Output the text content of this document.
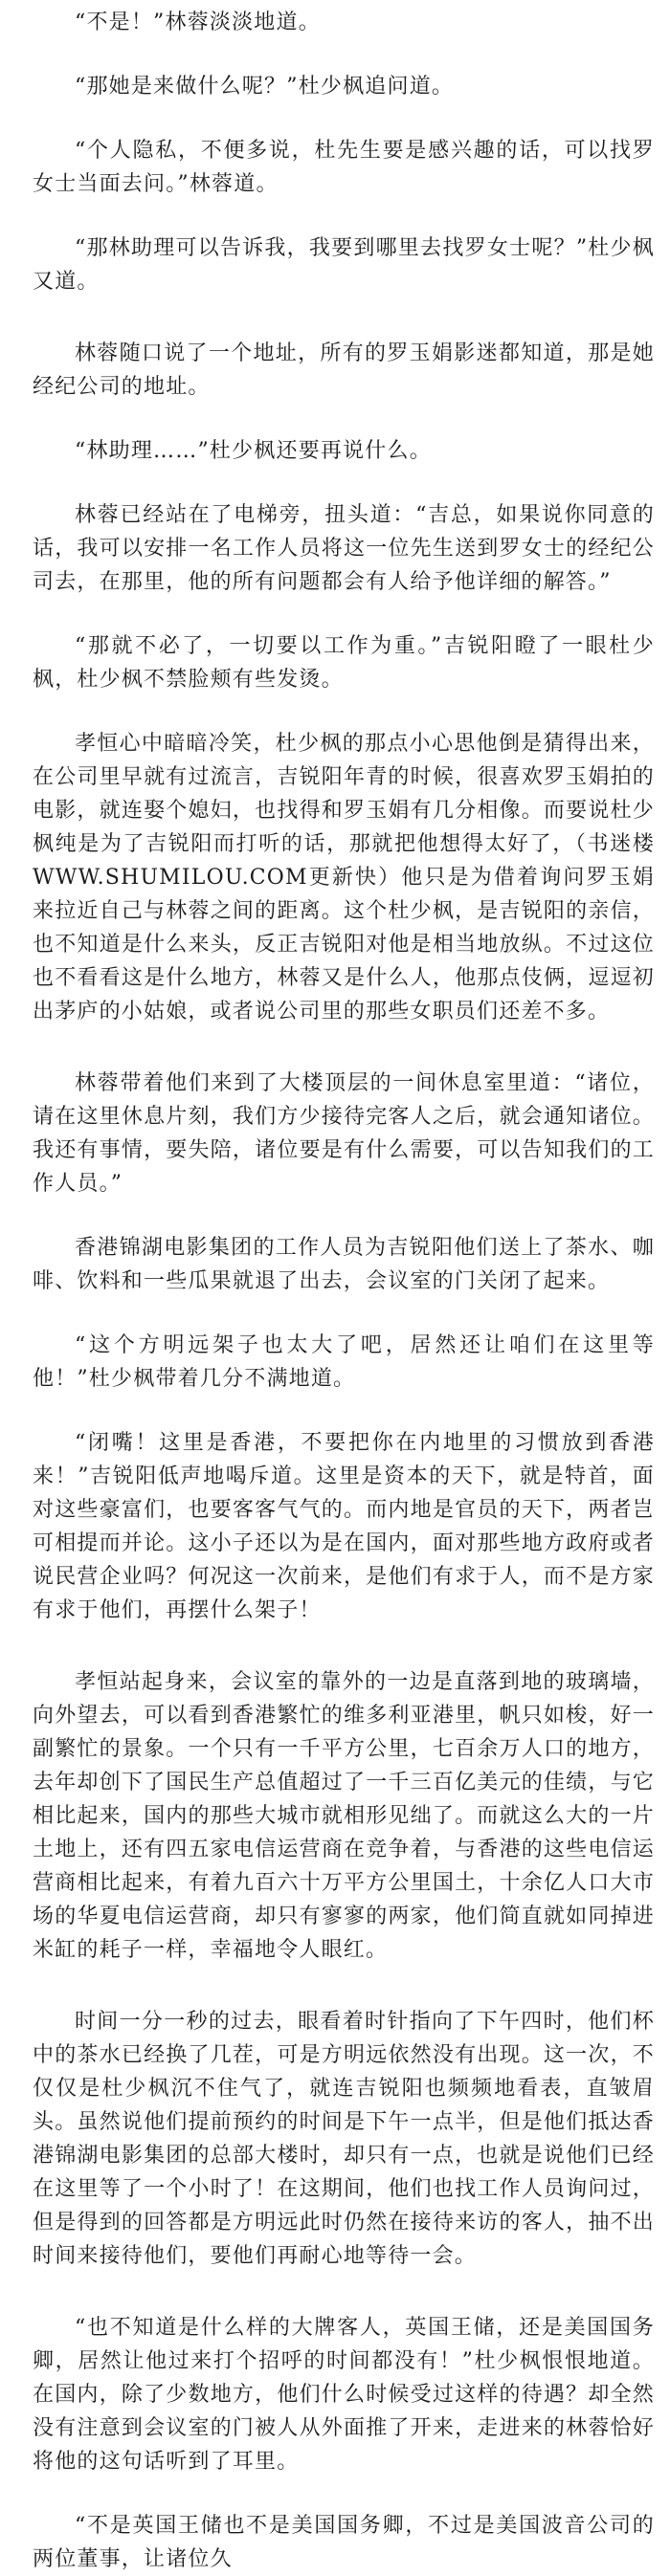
“不是！”林蓉淡淡地道。

“那她是来做什么呢？”杜少枫追问道。

“个人隐私，不便多说，杜先生要是感兴趣的话，可以找罗女士当面去问。”林蓉道。

“那林助理可以告诉我，我要到哪里去找罗女士呢？”杜少枫又道。

林蓉随口说了一个地址，所有的罗玉娟影迷都知道，那是她经纪公司的地址。

“林助理……”杜少枫还要再说什么。

林蓉已经站在了电梯旁，扭头道：“吉总，如果说你同意的话，我可以安排一名工作人员将这一位先生送到罗女士的经纪公司去，在那里，他的所有问题都会有人给予他详细的解答。”

“那就不必了，一切要以工作为重。”吉锐阳瞪了一眼杜少枫，杜少枫不禁脸颊有些发烫。

孝恒心中暗暗冷笑，杜少枫的那点小心思他倒是猜得出来，在公司里早就有过流言，吉锐阳年青的时候，很喜欢罗玉娟拍的电影，就连娶个媳妇，也找得和罗玉娟有几分相像。而要说杜少枫纯是为了吉锐阳而打听的话，那就把他想得太好了，（书迷楼WWW.SHUMILOU.COM更新快）他只是为借着询问罗玉娟来拉近自己与林蓉之间的距离。这个杜少枫，是吉锐阳的亲信，也不知道是什么来头，反正吉锐阳对他是相当地放纵。不过这位也不看看这是什么地方，林蓉又是什么人，他那点伎俩，逗逗初出茅庐的小姑娘，或者说公司里的那些女职员们还差不多。

林蓉带着他们来到了大楼顶层的一间休息室里道：“诸位，请在这里休息片刻，我们方少接待完客人之后，就会通知诸位。我还有事情，要失陪，诸位要是有什么需要，可以告知我们的工作人员。”

香港锦湖电影集团的工作人员为吉锐阳他们送上了茶水、咖啡、饮料和一些瓜果就退了出去，会议室的门关闭了起来。

“这个方明远架子也太大了吧，居然还让咱们在这里等他！”杜少枫带着几分不满地道。

“闭嘴！这里是香港，不要把你在内地里的习惯放到香港来！”吉锐阳低声地喝斥道。这里是资本的天下，就是特首，面对这些豪富们，也要客客气气的。而内地是官员的天下，两者岂可相提而并论。这小子还以为是在国内，面对那些地方政府或者说民营企业吗？何况这一次前来，是他们有求于人，而不是方家有求于他们，再摆什么架子！

孝恒站起身来，会议室的靠外的一边是直落到地的玻璃墙，向外望去，可以看到香港繁忙的维多利亚港里，帆只如梭，好一副繁忙的景象。一个只有一千平方公里，七百余万人口的地方，去年却创下了国民生产总值超过了一千三百亿美元的佳绩，与它相比起来，国内的那些大城市就相形见绌了。而就这么大的一片土地上，还有四五家电信运营商在竞争着，与香港的这些电信运营商相比起来，有着九百六十万平方公里国土，十余亿人口大市场的华夏电信运营商，却只有寥寥的两家，他们简直就如同掉进米缸的耗子一样，幸福地令人眼红。

时间一分一秒的过去，眼看着时针指向了下午四时，他们杯中的茶水已经换了几茬，可是方明远依然没有出现。这一次，不仅仅是杜少枫沉不住气了，就连吉锐阳也频频地看表，直皱眉头。虽然说他们提前预约的时间是下午一点半，但是他们抵达香港锦湖电影集团的总部大楼时，却只有一点，也就是说他们已经在这里等了一个小时了！在这期间，他们也找工作人员询问过，但是得到的回答都是方明远此时仍然在接待来访的客人，抽不出时间来接待他们，要他们再耐心地等待一会。

“也不知道是什么样的大牌客人，英国王储，还是美国国务卿，居然让他过来打个招呼的时间都没有！”杜少枫恨恨地道。在国内，除了少数地方，他们什么时候受过这样的待遇？却全然没有注意到会议室的门被人从外面推了开来，走进来的林蓉恰好将他的这句话听到了耳里。

“不是英国王储也不是美国国务卿，不过是美国波音公司的两位董事，让诸位久
